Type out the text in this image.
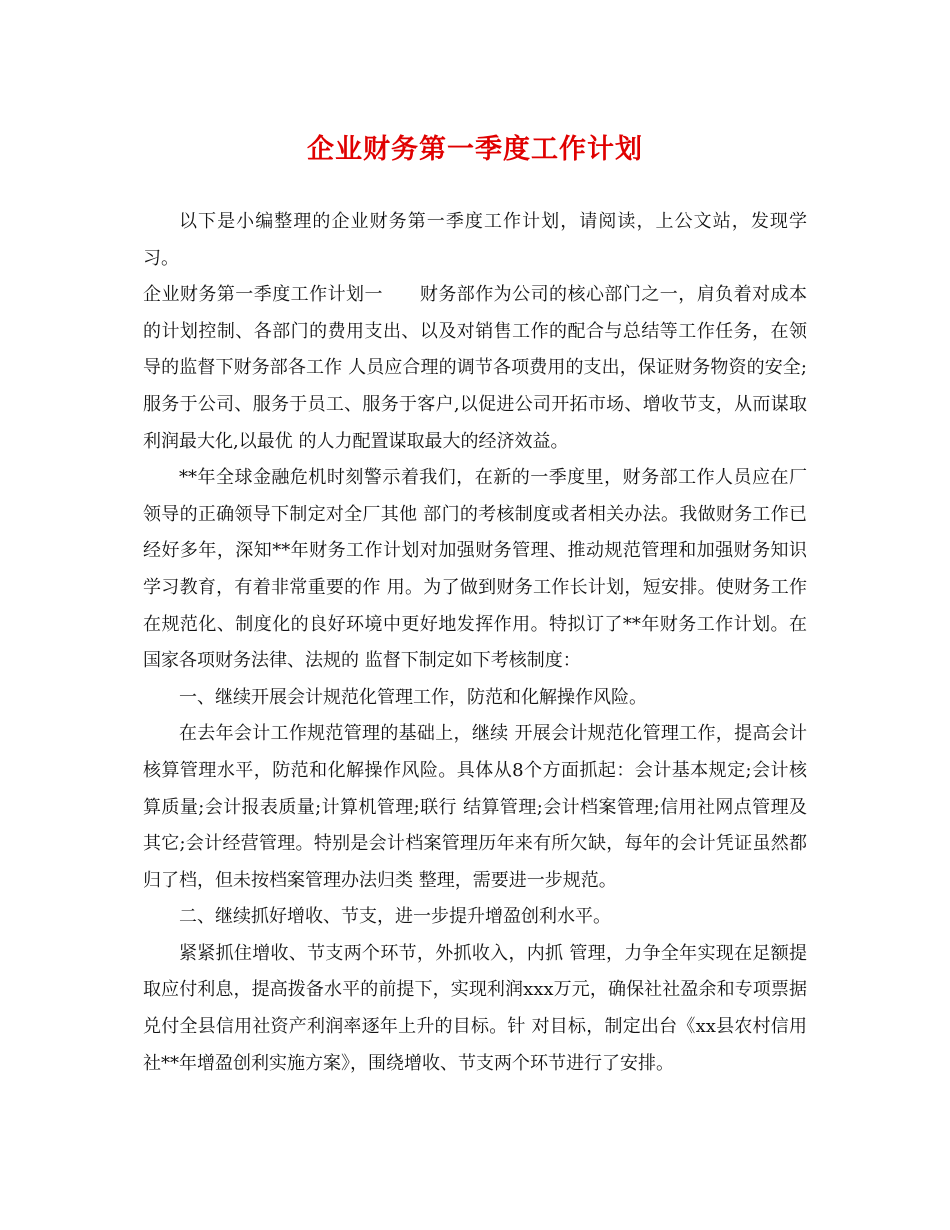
企业财务第一季度工作计划

以下是小编整理的企业财务第一季度工作计划，请阅读，上公文站，发现学习。

企业财务第一季度工作计划一　　财务部作为公司的核心部门之一，肩负着对成本的计划控制、各部门的费用支出、以及对销售工作的配合与总结等工作任务，在领导的监督下财务部各工作 人员应合理的调节各项费用的支出，保证财务物资的安全;服务于公司、服务于员工、服务于客户,以促进公司开拓市场、增收节支，从而谋取利润最大化,以最优 的人力配置谋取最大的经济效益。

**年全球金融危机时刻警示着我们，在新的一季度里，财务部工作人员应在厂领导的正确领导下制定对全厂其他 部门的考核制度或者相关办法。我做财务工作已经好多年，深知**年财务工作计划对加强财务管理、推动规范管理和加强财务知识学习教育，有着非常重要的作 用。为了做到财务工作长计划，短安排。使财务工作在规范化、制度化的良好环境中更好地发挥作用。特拟订了**年财务工作计划。在国家各项财务法律、法规的 监督下制定如下考核制度：

一、继续开展会计规范化管理工作，防范和化解操作风险。

在去年会计工作规范管理的基础上，继续 开展会计规范化管理工作，提高会计核算管理水平，防范和化解操作风险。具体从8个方面抓起：会计基本规定;会计核算质量;会计报表质量;计算机管理;联行 结算管理;会计档案管理;信用社网点管理及其它;会计经营管理。特别是会计档案管理历年来有所欠缺，每年的会计凭证虽然都归了档，但未按档案管理办法归类 整理，需要进一步规范。

二、继续抓好增收、节支，进一步提升增盈创利水平。

紧紧抓住增收、节支两个环节，外抓收入，内抓 管理，力争全年实现在足额提取应付利息，提高拨备水平的前提下，实现利润xxx万元，确保社社盈余和专项票据兑付全县信用社资产利润率逐年上升的目标。针 对目标，制定出台《xx县农村信用社**年增盈创利实施方案》，围绕增收、节支两个环节进行了安排。
